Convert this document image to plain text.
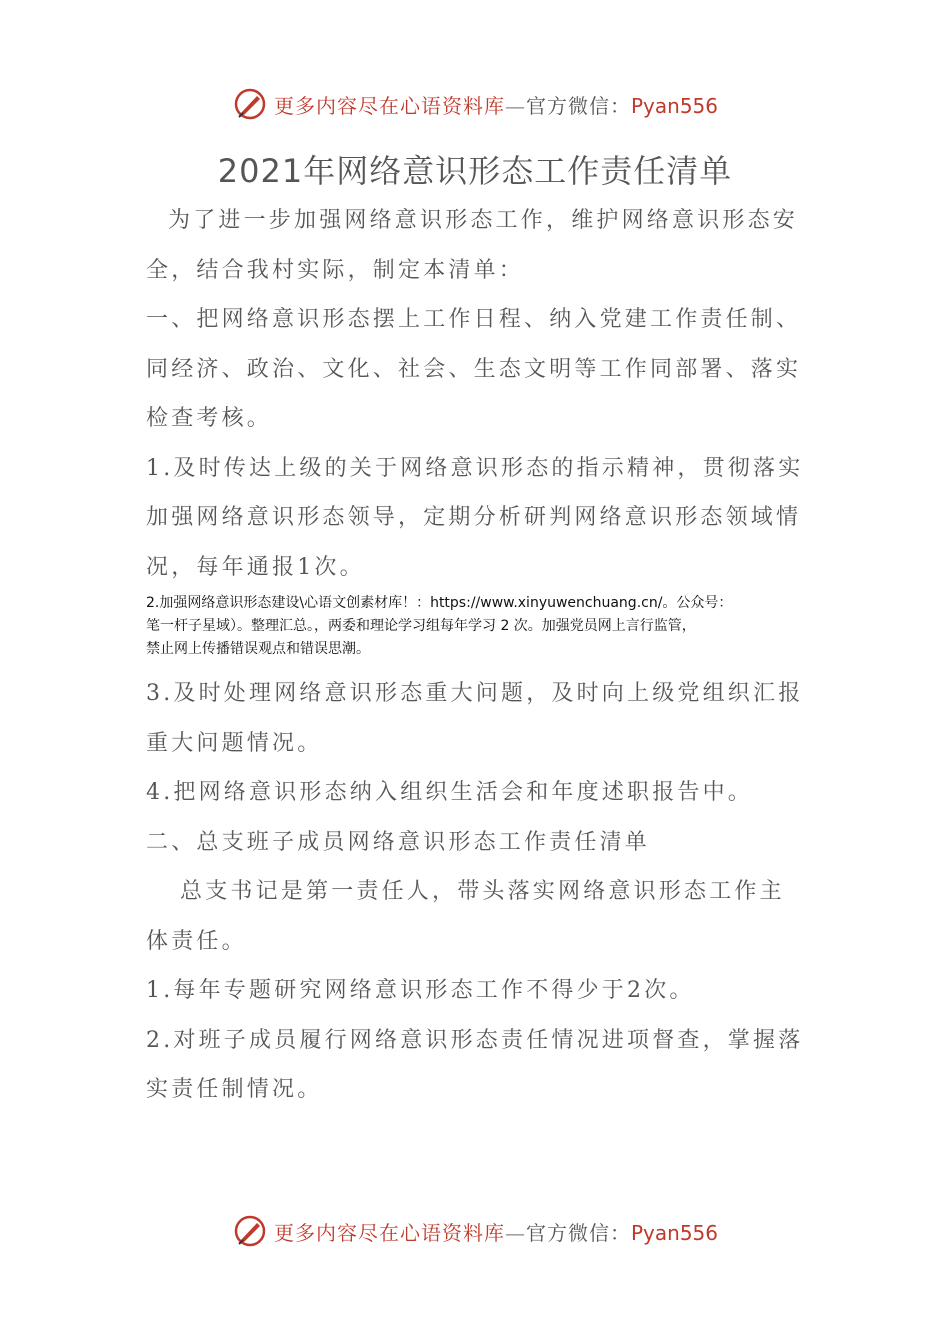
更多内容尽在心语资料库—官方微信：Pyan556
2021年网络意识形态工作责任清单

为了进一步加强网络意识形态工作，维护网络意识形态安

全，结合我村实际，制定本清单：

一、把网络意识形态摆上工作日程、纳入党建工作责任制、

同经济、政治、文化、社会、生态文明等工作同部署、落实

检查考核。

1.及时传达上级的关于网络意识形态的指示精神，贯彻落实

加强网络意识形态领导，定期分析研判网络意识形态领域情

况，每年通报1次。

2.加强网络意识形态建设\心语文创素材库！：https://www.xinyuwenchuang.cn/。公众号：
笔一杆子星域）。整理汇总。，两委和理论学习组每年学习 2 次。加强党员网上言行监管，
禁止网上传播错误观点和错误思潮。

3.及时处理网络意识形态重大问题，及时向上级党组织汇报

重大问题情况。

4.把网络意识形态纳入组织生活会和年度述职报告中。

二、总支班子成员网络意识形态工作责任清单

总支书记是第一责任人，带头落实网络意识形态工作主

体责任。

1.每年专题研究网络意识形态工作不得少于2次。

2.对班子成员履行网络意识形态责任情况进项督查，掌握落

实责任制情况。

更多内容尽在心语资料库—官方微信：Pyan556
